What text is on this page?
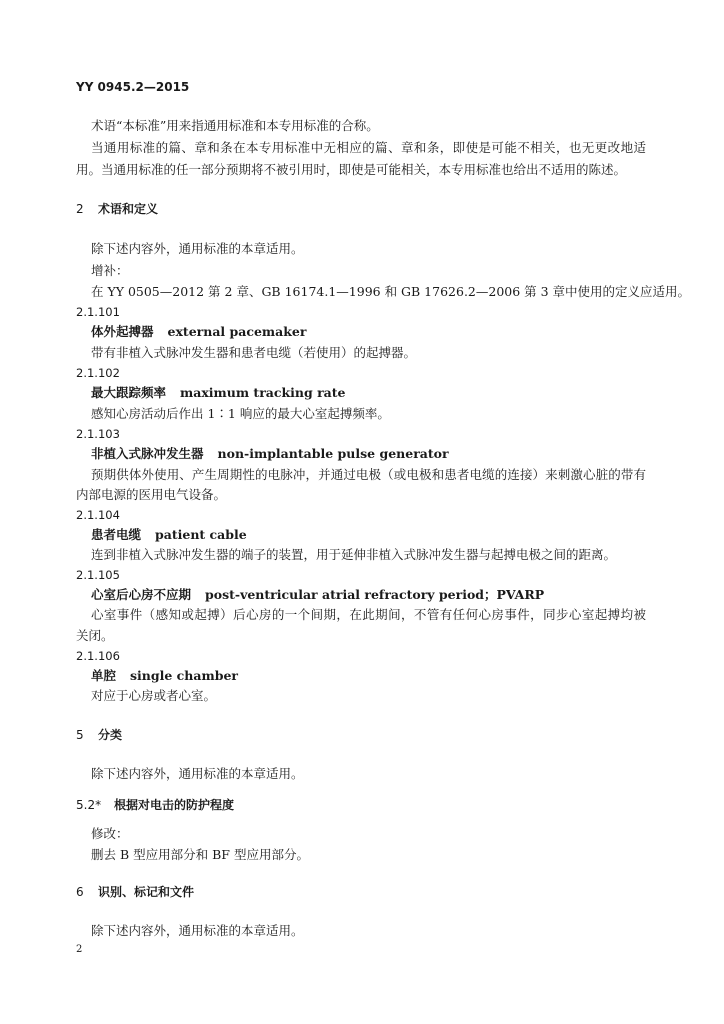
YY 0945.2—2015
术语“本标准”用来指通用标准和本专用标准的合称。
当通用标准的篇、章和条在本专用标准中无相应的篇、章和条，即使是可能不相关，也无更改地适
用。当通用标准的任一部分预期将不被引用时，即使是可能相关，本专用标准也给出不适用的陈述。
2 术语和定义
除下述内容外，通用标准的本章适用。
增补：
在 YY 0505—2012 第 2 章、GB 16174.1—1996 和 GB 17626.2—2006 第 3 章中使用的定义应适用。
2.1.101
体外起搏器 external pacemaker
带有非植入式脉冲发生器和患者电缆（若使用）的起搏器。
2.1.102
最大跟踪频率 maximum tracking rate
感知心房活动后作出 1∶1 响应的最大心室起搏频率。
2.1.103
非植入式脉冲发生器 non-implantable pulse generator
预期供体外使用、产生周期性的电脉冲，并通过电极（或电极和患者电缆的连接）来刺激心脏的带有
内部电源的医用电气设备。
2.1.104
患者电缆 patient cable
连到非植入式脉冲发生器的端子的装置，用于延伸非植入式脉冲发生器与起搏电极之间的距离。
2.1.105
心室后心房不应期 post-ventricular atrial refractory period；PVARP
心室事件（感知或起搏）后心房的一个间期，在此期间，不管有任何心房事件，同步心室起搏均被
关闭。
2.1.106
单腔 single chamber
对应于心房或者心室。
5 分类
除下述内容外，通用标准的本章适用。
5.2* 根据对电击的防护程度
修改：
删去 B 型应用部分和 BF 型应用部分。
6 识别、标记和文件
除下述内容外，通用标准的本章适用。
2
